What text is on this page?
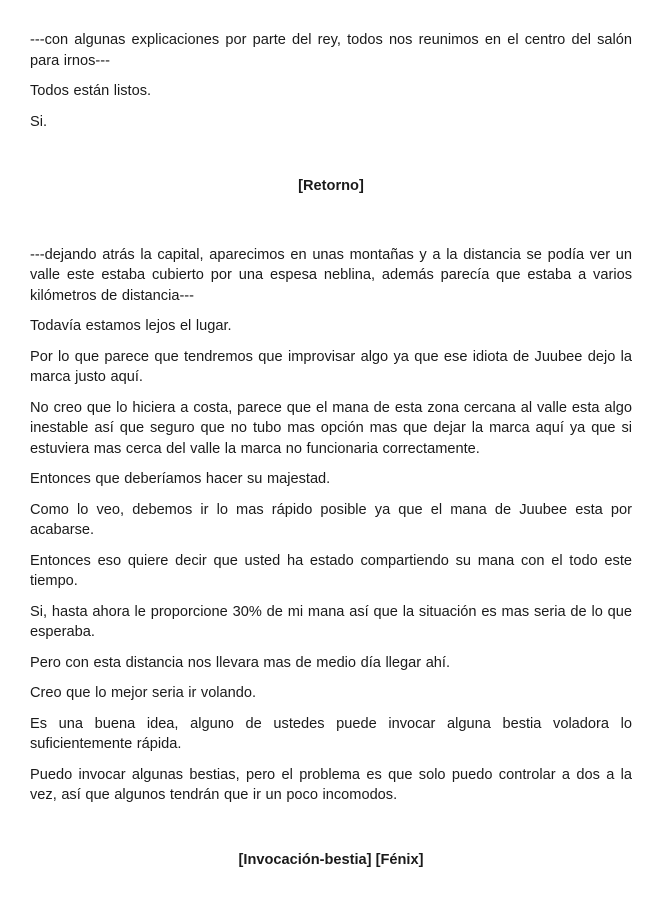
---con algunas explicaciones por parte del rey, todos nos reunimos en el centro del salón para irnos---

Todos están listos.

Si.

[Retorno]

---dejando atrás la capital, aparecimos en unas montañas y a la distancia se podía ver un valle este estaba cubierto por una espesa neblina, además parecía que estaba a varios kilómetros de distancia---

Todavía estamos lejos el lugar.

Por lo que parece que tendremos que improvisar algo ya que ese idiota de Juubee dejo la marca justo aquí.

No creo que lo hiciera a costa, parece que el mana de esta zona cercana al valle esta algo inestable así que seguro que no tubo mas opción mas que dejar la marca aquí ya que si estuviera mas cerca del valle la marca no funcionaria correctamente.

Entonces que deberíamos hacer su majestad.

Como lo veo, debemos ir lo mas rápido posible ya que el mana de Juubee esta por acabarse.

Entonces eso quiere decir que usted ha estado compartiendo su mana con el todo este tiempo.

Si, hasta ahora le proporcione 30% de mi mana así que la situación es mas seria de lo que esperaba.

Pero con esta distancia nos llevara mas de medio día llegar ahí.

Creo que lo mejor seria ir volando.

Es una buena idea, alguno de ustedes puede invocar alguna bestia voladora lo suficientemente rápida.

Puedo invocar algunas bestias, pero el problema es que solo puedo controlar a dos a la vez, así que algunos tendrán que ir un poco incomodos.

[Invocación-bestia] [Fénix]
